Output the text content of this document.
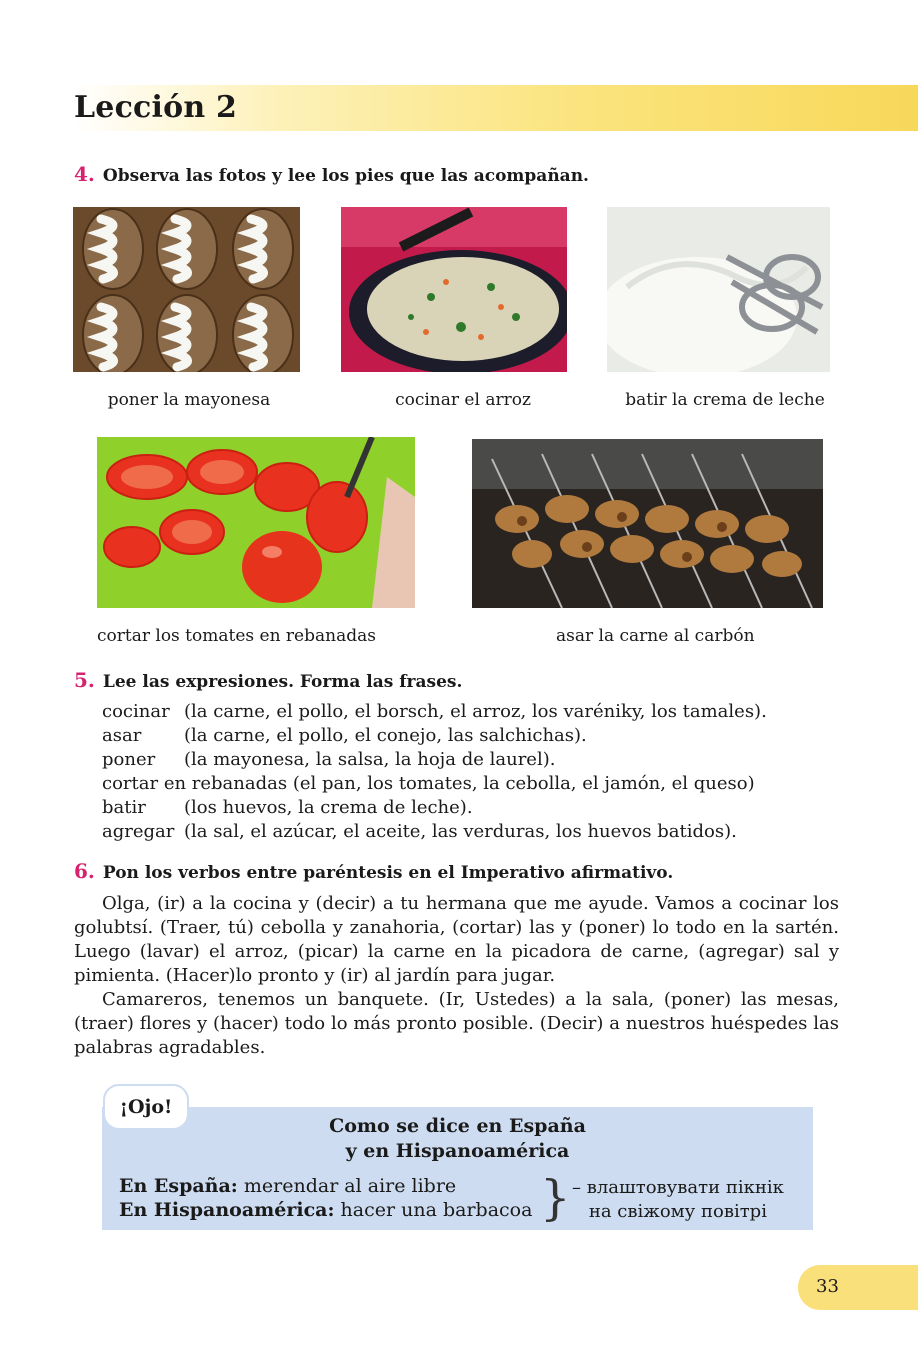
Lección 2
4. Observa las fotos y lee los pies que las acompañan.
poner la mayonesa	cocinar el arroz	batir la crema de leche
cortar los tomates en rebanadas	asar la carne al carbón
5. Lee las expresiones. Forma las frases.
cocinar (la carne, el pollo, el borsch, el arroz, los varéniky, los tamales).
asar (la carne, el pollo, el conejo, las salchichas).
poner (la mayonesa, la salsa, la hoja de laurel).
cortar en rebanadas (el pan, los tomates, la cebolla, el jamón, el queso)
batir (los huevos, la crema de leche).
agregar (la sal, el azúcar, el aceite, las verduras, los huevos batidos).
6. Pon los verbos entre paréntesis en el Imperativo afirmativo.

Olga, (ir) a la cocina y (decir) a tu hermana que me ayude. Vamos a cocinar los golubtsí. (Traer, tú) cebolla y zanahoria, (cortar) las y (poner) lo todo en la sartén. Luego (lavar) el arroz, (picar) la carne en la picadora de carne, (agregar) sal y pimienta. (Hacer)lo pronto y (ir) al jardín para jugar.

Camareros, tenemos un banquete. (Ir, Ustedes) a la sala, (poner) las mesas, (traer) flores y (hacer) todo lo más pronto posible. (Decir) a nuestros huéspedes las palabras agradables.

¡Ojo!
Como se dice en España
y en Hispanoamérica
En España: merendar al aire libre
En Hispanoamérica: hacer una barbacoa } – влаштовувати пікнік
на свіжому повітрі
33
